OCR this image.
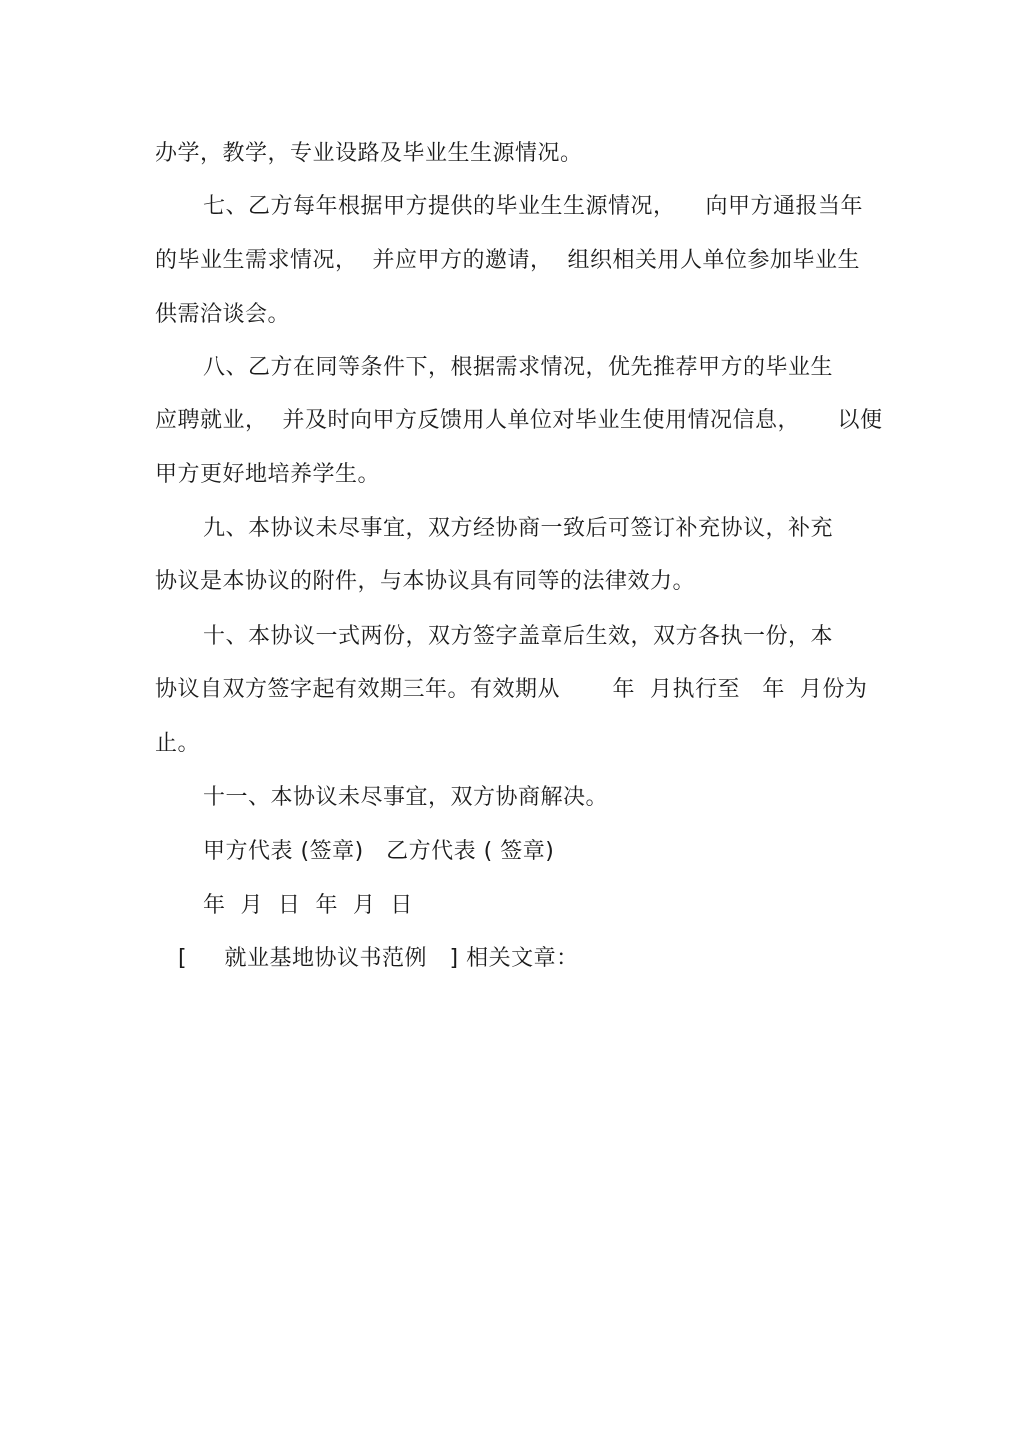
办学，教学，专业设路及毕业生生源情况。
七、乙方每年根据甲方提供的毕业生生源情况，    向甲方通报当年
的毕业生需求情况，  并应甲方的邀请，  组织相关用人单位参加毕业生
供需洽谈会。
八、乙方在同等条件下，根据需求情况，优先推荐甲方的毕业生
应聘就业，  并及时向甲方反馈用人单位对毕业生使用情况信息，     以便
甲方更好地培养学生。
九、本协议未尽事宜，双方经协商一致后可签订补充协议，补充
协议是本协议的附件，与本协议具有同等的法律效力。
十、本协议一式两份，双方签字盖章后生效，双方各执一份，本
协议自双方签字起有效期三年。有效期从       年  月执行至   年  月份为
止。
十一、本协议未尽事宜，双方协商解决。
甲方代表 (签章)   乙方代表 ( 签章)
年  月  日  年  月  日
[     就业基地协议书范例   ] 相关文章：
